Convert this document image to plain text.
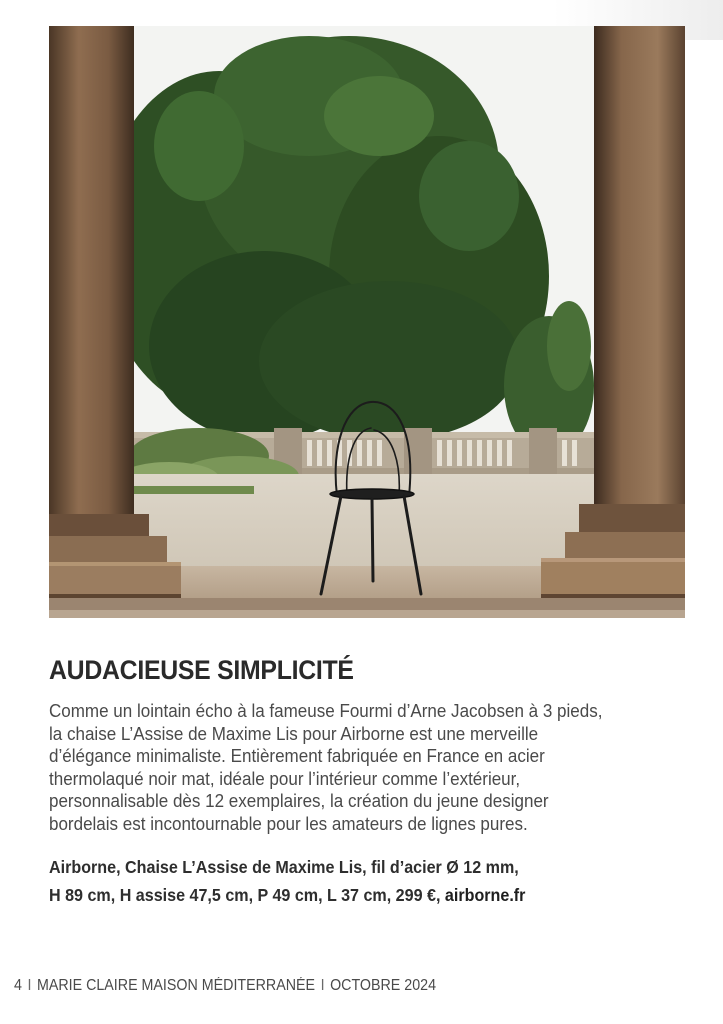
AUDACIEUSE SIMPLICITÉ

Comme un lointain écho à la fameuse Fourmi d’Arne Jacobsen à 3 pieds,
la chaise L’Assise de Maxime Lis pour Airborne est une merveille
d’élégance minimaliste. Entièrement fabriquée en France en acier
thermolaqué noir mat, idéale pour l’intérieur comme l’extérieur,
personnalisable dès 12 exemplaires, la création du jeune designer
bordelais est incontournable pour les amateurs de lignes pures.

Airborne, Chaise L’Assise de Maxime Lis, fil d’acier Ø 12 mm,
H 89 cm, H assise 47,5 cm, P 49 cm, L 37 cm, 299 €, airborne.fr

4 I MARIE CLAIRE MAISON MÉDITERRANÉE I OCTOBRE 2024
